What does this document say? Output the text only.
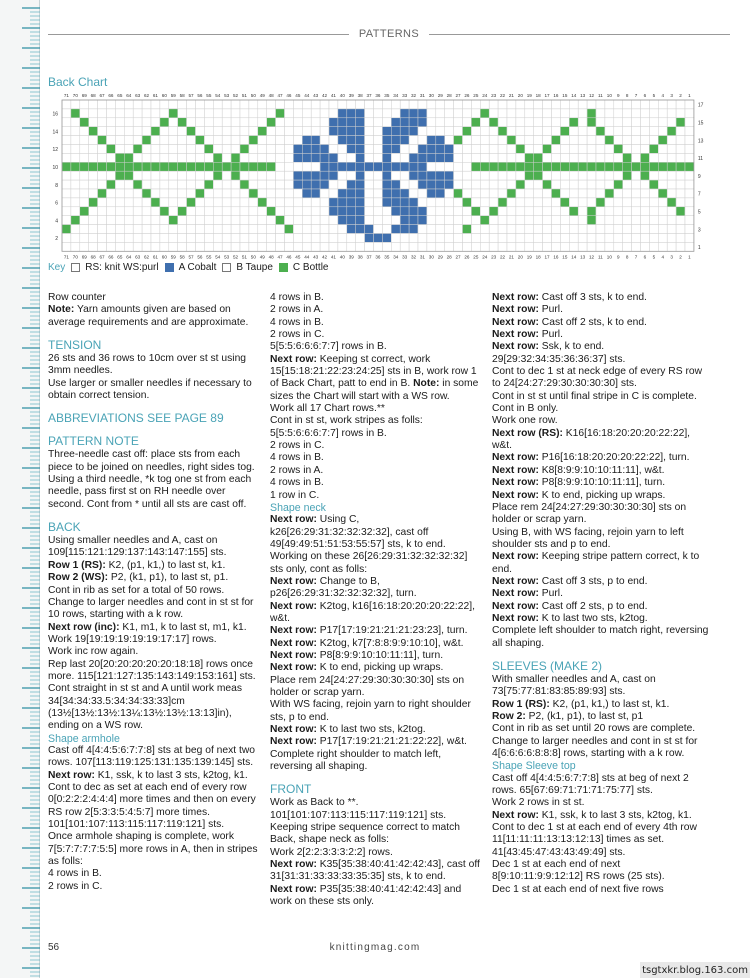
PATTERNS
Back Chart
71
71
70
70
69
69
68
68
67
67
66
66
65
65
64
64
63
63
62
62
61
61
60
60
59
59
58
58
57
57
56
56
55
55
54
54
53
53
52
52
51
51
50
50
49
49
48
48
47
47
46
46
45
45
44
44
43
43
42
42
41
41
40
40
39
39
38
38
37
37
36
36
35
35
34
34
33
33
32
32
31
31
30
30
29
29
28
28
27
27
26
26
25
25
24
24
23
23
22
22
21
21
20
20
19
19
18
18
17
17
16
16
15
15
14
14
13
13
12
12
11
11
10
10
9
9
8
8
7
7
6
6
5
5
4
4
3
3
2
2
1
1
16
14
12
10
8
6
4
2
17
15
13
11
9
7
5
3
1
Key RS: knit WS:purl A Cobalt B Taupe C Bottle

Row counter

Note: Yarn amounts given are based on average requirements and are approximate.

TENSION

26 sts and 36 rows to 10cm over st st using 3mm needles.

Use larger or smaller needles if necessary to obtain correct tension.

ABBREVIATIONS SEE PAGE 89

PATTERN NOTE

Three-needle cast off: place sts from each piece to be joined on needles, right sides tog. Using a third needle, *k tog one st from each needle, pass first st on RH needle over second. Cont from * until all sts are cast off.

BACK

Using smaller needles and A, cast on 109[115:121:129:137:143:147:155] sts.

Row 1 (RS): K2, (p1, k1,) to last st, k1.

Row 2 (WS): P2, (k1, p1), to last st, p1.

Cont in rib as set for a total of 50 rows. Change to larger needles and cont in st st for 10 rows, starting with a k row.

Next row (inc): K1, m1, k to last st, m1, k1.

Work 19[19:19:19:19:19:17:17] rows.

Work inc row again.

Rep last 20[20:20:20:20:20:18:18] rows once more. 115[121:127:135:143:149:153:161] sts.

Cont straight in st st and A until work meas 34[34:34:33.5:34:34:33:33]cm (13½[13½:13½:13¼:13½:13½:13:13]in), ending on a WS row.

Shape armhole

Cast off 4[4:4:5:6:7:7:8] sts at beg of next two rows. 107[113:119:125:131:135:139:145] sts.

Next row: K1, ssk, k to last 3 sts, k2tog, k1.

Cont to dec as set at each end of every row 0[0:2:2:2:4:4:4] more times and then on every RS row 2[5:3:3:5:4:5:7] more times. 101[101:107:113:115:117:119:121] sts.

Once armhole shaping is complete, work 7[5:7:7:7:7:5:5] more rows in A, then in stripes as folls:

4 rows in B.

2 rows in C.

4 rows in B.

2 rows in A.

4 rows in B.

2 rows in C.

5[5:5:6:6:6:7:7] rows in B.

Next row: Keeping st correct, work 15[15:18:21:22:23:24:25] sts in B, work row 1 of Back Chart, patt to end in B. Note: in some sizes the Chart will start with a WS row.

Work all 17 Chart rows.**

Cont in st st, work stripes as folls:

5[5:5:6:6:6:7:7] rows in B.

2 rows in C.

4 rows in B.

2 rows in A.

4 rows in B.

1 row in C.

Shape neck

Next row: Using C, k26[26:29:31:32:32:32:32], cast off 49[49:49:51:51:53:55:57] sts, k to end.

Working on these 26[26:29:31:32:32:32:32] sts only, cont as folls:

Next row: Change to B, p26[26:29:31:32:32:32:32], turn.

Next row: K2tog, k16[16:18:20:20:20:22:22], w&t.

Next row: P17[17:19:21:21:21:23:23], turn.

Next row: K2tog, k7[7:8:8:9:9:10:10], w&t.

Next row: P8[8:9:9:10:10:11:11], turn.

Next row: K to end, picking up wraps.

Place rem 24[24:27:29:30:30:30:30] sts on holder or scrap yarn.

With WS facing, rejoin yarn to right shoulder sts, p to end.

Next row: K to last two sts, k2tog.

Next row: P17[17:19:21:21:21:22:22], w&t.

Complete right shoulder to match left, reversing all shaping.

FRONT

Work as Back to **.

101[101:107:113:115:117:119:121] sts.

Keeping stripe sequence correct to match Back, shape neck as folls:

Work 2[2:2:3:3:3:2:2] rows.

Next row: K35[35:38:40:41:42:42:43], cast off 31[31:31:33:33:33:35:35] sts, k to end.

Next row: P35[35:38:40:41:42:42:43] and work on these sts only.

Next row: Cast off 3 sts, k to end.

Next row: Purl.

Next row: Cast off 2 sts, k to end.

Next row: Purl.

Next row: Ssk, k to end.

29[29:32:34:35:36:36:37] sts.

Cont to dec 1 st at neck edge of every RS row to 24[24:27:29:30:30:30:30] sts.

Cont in st st until final stripe in C is complete. Cont in B only.

Work one row.

Next row (RS): K16[16:18:20:20:20:22:22], w&t.

Next row: P16[16:18:20:20:20:22:22], turn.

Next row: K8[8:9:9:10:10:11:11], w&t.

Next row: P8[8:9:9:10:10:11:11], turn.

Next row: K to end, picking up wraps.

Place rem 24[24:27:29:30:30:30:30] sts on holder or scrap yarn.

Using B, with WS facing, rejoin yarn to left shoulder sts and p to end.

Next row: Keeping stripe pattern correct, k to end.

Next row: Cast off 3 sts, p to end.

Next row: Purl.

Next row: Cast off 2 sts, p to end.

Next row: K to last two sts, k2tog.

Complete left shoulder to match right, reversing all shaping.

SLEEVES (MAKE 2)

With smaller needles and A, cast on 73[75:77:81:83:85:89:93] sts.

Row 1 (RS): K2, (p1, k1,) to last st, k1.

Row 2: P2, (k1, p1), to last st, p1

Cont in rib as set until 20 rows are complete.

Change to larger needles and cont in st st for 4[6:6:6:6:8:8:8] rows, starting with a k row.

Shape Sleeve top

Cast off 4[4:4:5:6:7:7:8] sts at beg of next 2 rows. 65[67:69:71:71:71:75:77] sts.

Work 2 rows in st st.

Next row: K1, ssk, k to last 3 sts, k2tog, k1.

Cont to dec 1 st at each end of every 4th row 11[11:11:11:13:13:12:13] times as set.

41[43:45:47:43:43:49:49] sts.

Dec 1 st at each end of next 8[9:10:11:9:9:12:12] RS rows (25 sts).

Dec 1 st at each end of next five rows

56	knittingmag.com
tsgtxkr.blog.163.com
